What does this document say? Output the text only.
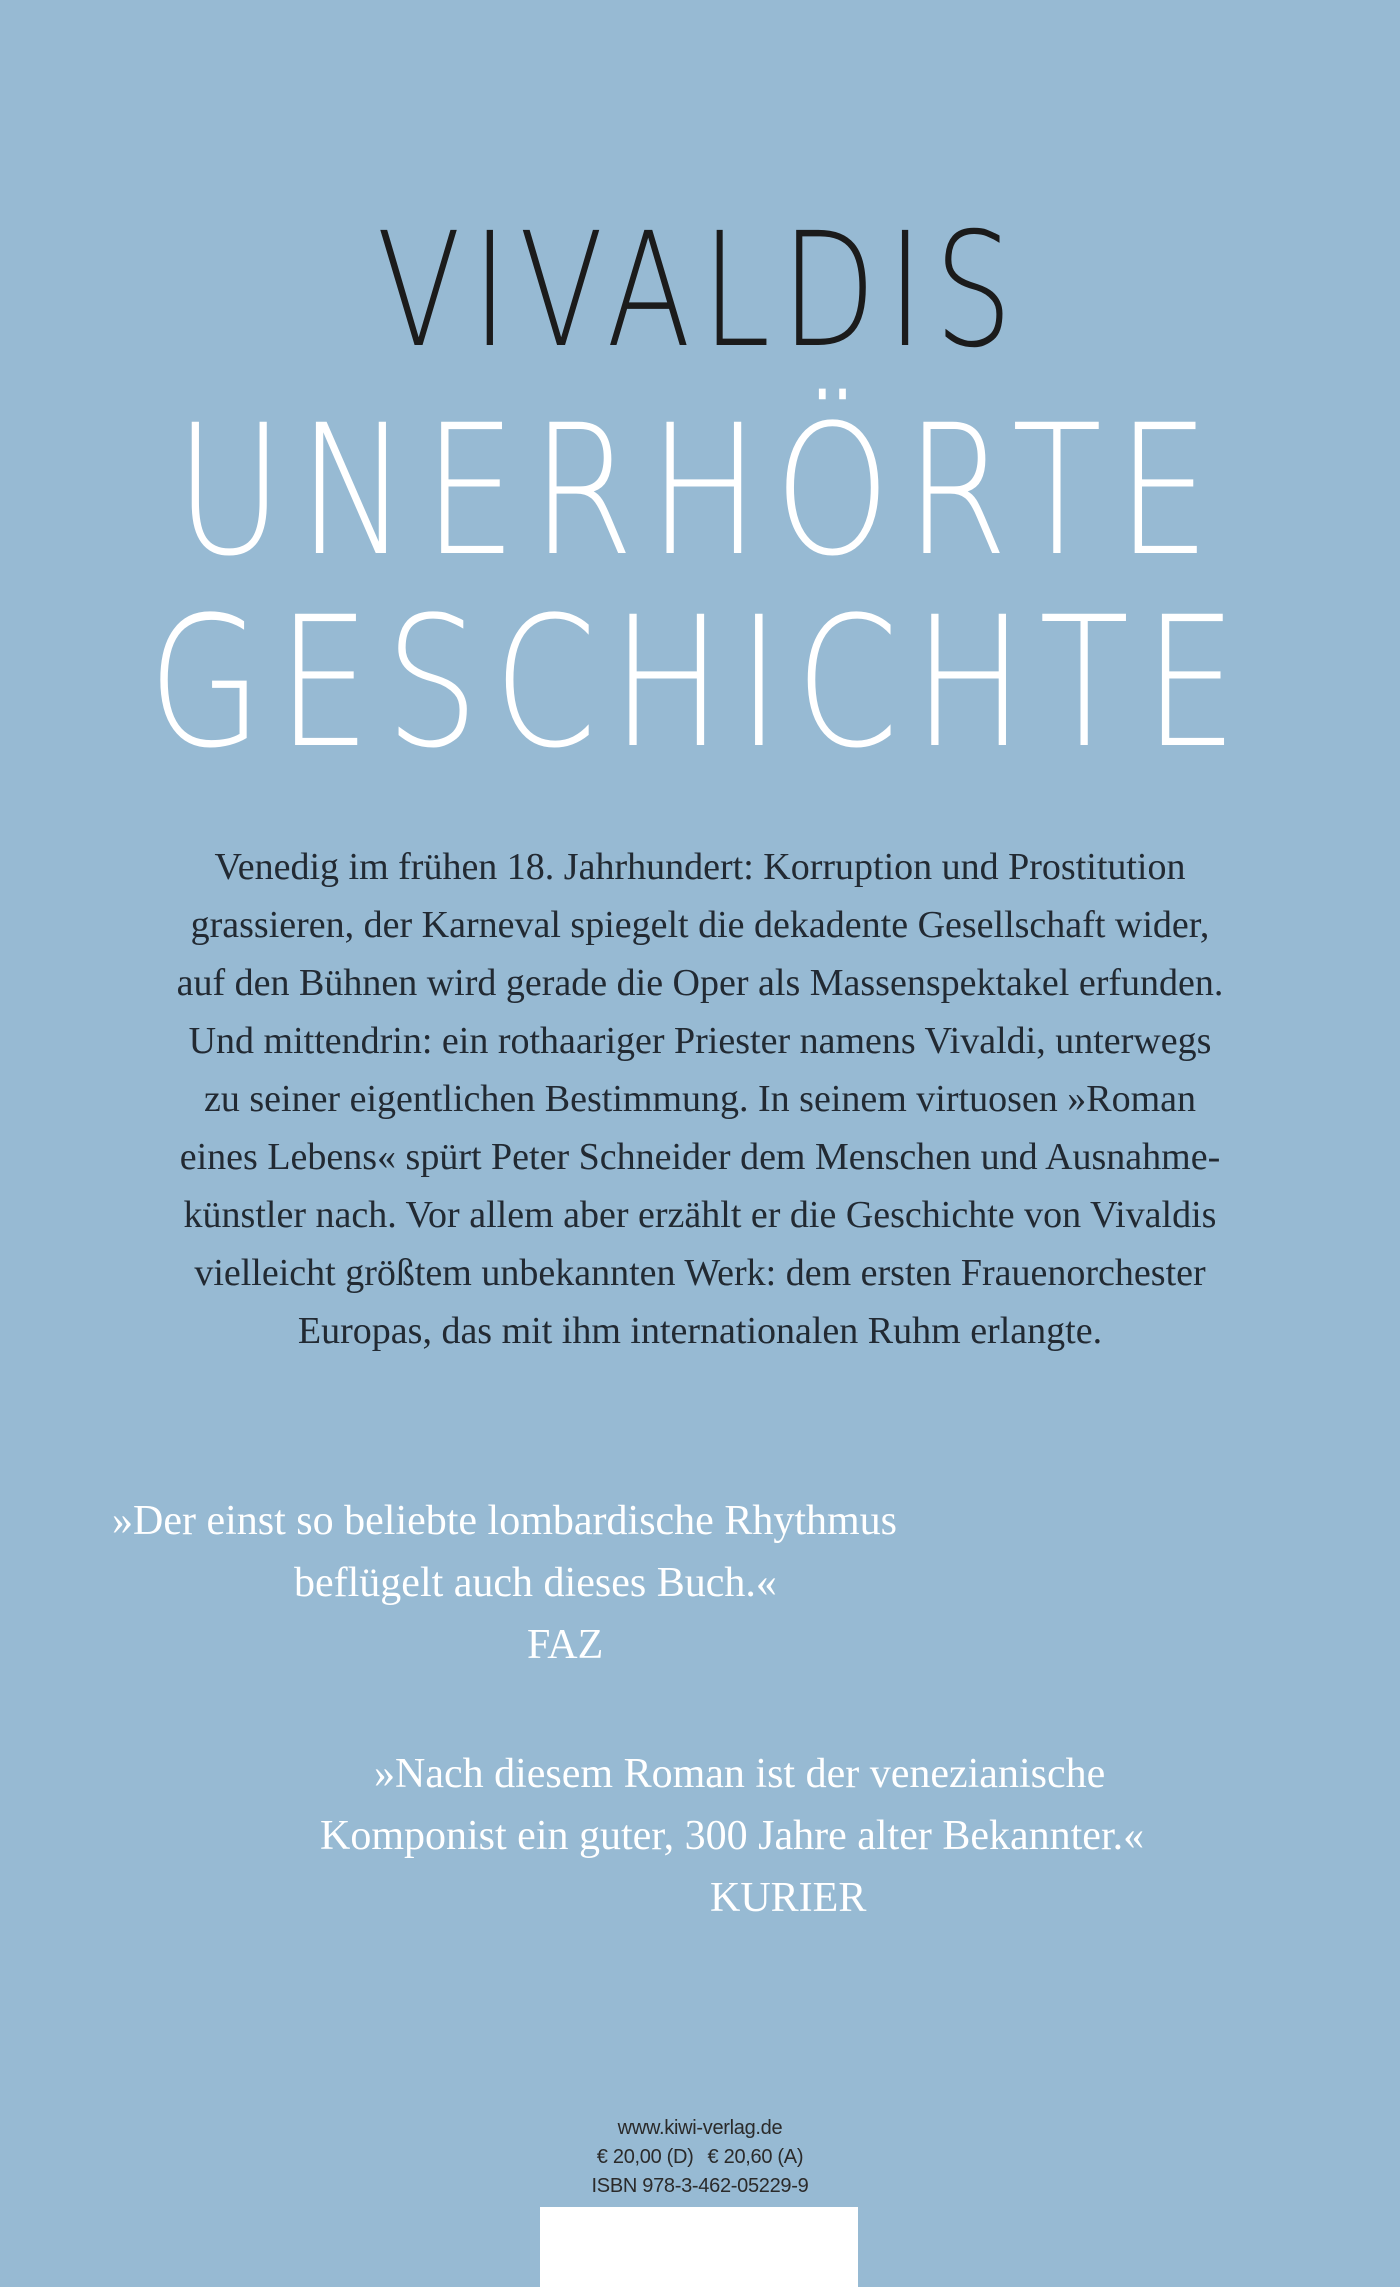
VIVALDIS
UNERHÖRTE
GESCHICHTE
Venedig im frühen 18. Jahrhundert: Korruption und Prostitution
grassieren, der Karneval spiegelt die dekadente Gesellschaft wider,
auf den Bühnen wird gerade die Oper als Massenspektakel erfunden.
Und mittendrin: ein rothaariger Priester namens Vivaldi, unterwegs
zu seiner eigentlichen Bestimmung. In seinem virtuosen »Roman
eines Lebens« spürt Peter Schneider dem Menschen und Ausnahme-
künstler nach. Vor allem aber erzählt er die Geschichte von Vivaldis
vielleicht größtem unbekannten Werk: dem ersten Frauenorchester
Europas, das mit ihm internationalen Ruhm erlangte.
»Der einst so beliebte lombardische Rhythmus
beflügelt auch dieses Buch.«
FAZ
»Nach diesem Roman ist der venezianische
Komponist ein guter, 300 Jahre alter Bekannter.«
KURIER
www.kiwi-verlag.de
€ 20,00 (D) € 20,60 (A)
ISBN 978-3-462-05229-9
